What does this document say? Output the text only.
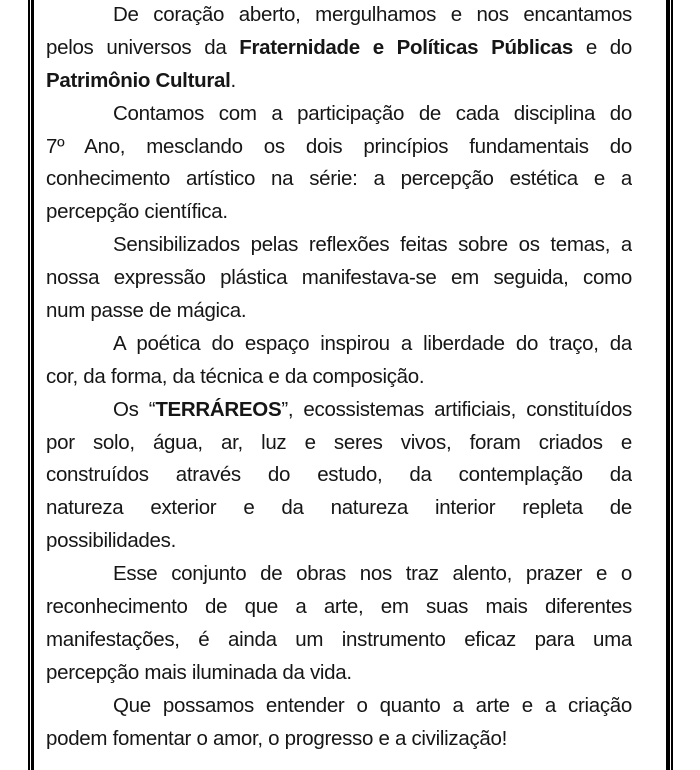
De coração aberto, mergulhamos e nos encantamos
pelos universos da Fraternidade e Políticas Públicas e do
Patrimônio Cultural.

Contamos com a participação de cada disciplina do
7º Ano, mesclando os dois princípios fundamentais do
conhecimento artístico na série: a percepção estética e a
percepção científica.

Sensibilizados pelas reflexões feitas sobre os temas, a
nossa expressão plástica manifestava-se em seguida, como
num passe de mágica.

A poética do espaço inspirou a liberdade do traço, da
cor, da forma, da técnica e da composição.

Os “TERRÁREOS”, ecossistemas artificiais, constituídos
por solo, água, ar, luz e seres vivos, foram criados e
construídos através do estudo, da contemplação da
natureza exterior e da natureza interior repleta de
possibilidades.

Esse conjunto de obras nos traz alento, prazer e o
reconhecimento de que a arte, em suas mais diferentes
manifestações, é ainda um instrumento eficaz para uma
percepção mais iluminada da vida.

Que possamos entender o quanto a arte e a criação
podem fomentar o amor, o progresso e a civilização!
